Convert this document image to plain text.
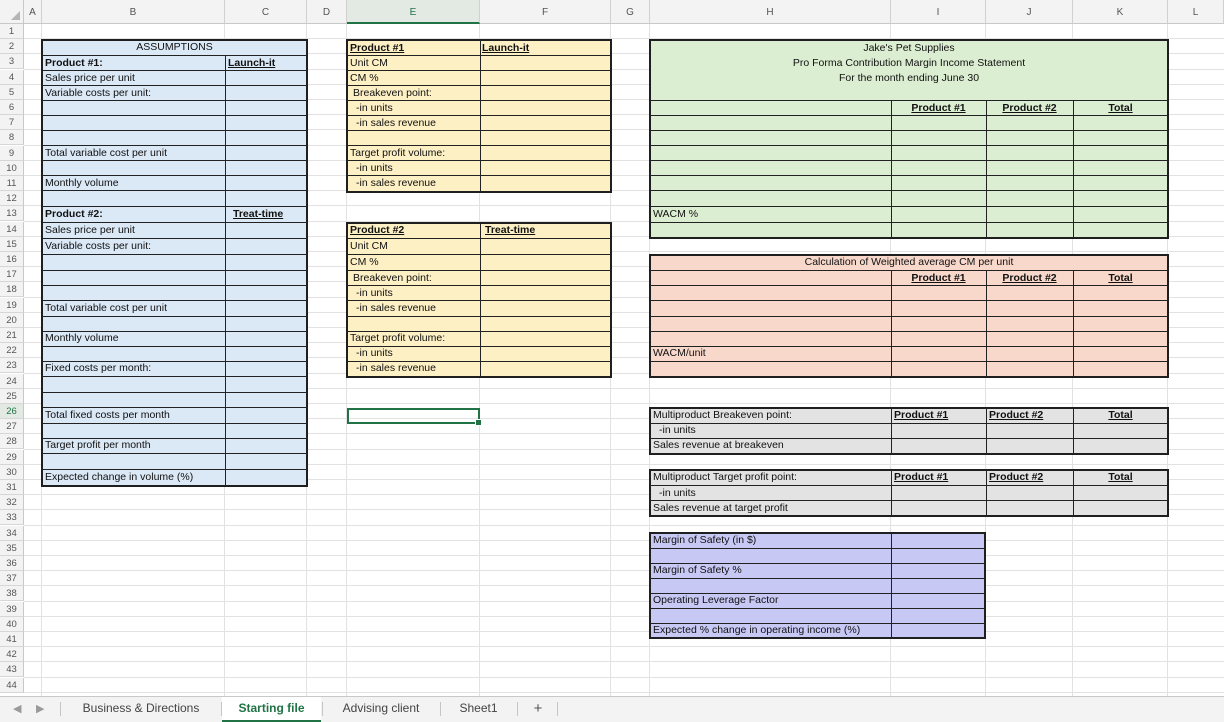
A	B	C	D	E	F	G	H	I	J	K	L
1
2
3
4
5
6
7
8
9
10
11
12
13
14
15
16
17
18
19
20
21
22
23
24
25
26
27
28
29
30
31
32
33
34
35
36
37
38
39
40
41
42
43
44
ASSUMPTIONS
Product #1:	Launch-it
Sales price per unit
Variable costs per unit:
Total variable cost per unit
Monthly volume
Product #2:	Treat-time
Sales price per unit
Variable costs per unit:
Total variable cost per unit
Monthly volume
Fixed costs per month:
Total fixed costs per month
Target profit per month
Expected change in volume (%)
Product #1	Launch-it
Unit CM
CM %
Breakeven point:
-in units
-in sales revenue
Target profit volume:
-in units
-in sales revenue
Product #2	Treat-time
Unit CM
CM %
Breakeven point:
-in units
-in sales revenue
Target profit volume:
-in units
-in sales revenue
Jake's Pet Supplies
Pro Forma Contribution Margin Income Statement
For the month ending June 30
Product #1	Product #2	Total
WACM %
Calculation of Weighted average CM per unit
Product #1	Product #2	Total
WACM/unit
Multiproduct Breakeven point:	Product #1	Product #2	Total
-in units
Sales revenue at breakeven
Multiproduct Target profit point:	Product #1	Product #2	Total
-in units
Sales revenue at target profit
Margin of Safety (in $)
Margin of Safety %
Operating Leverage Factor
Expected % change in operating income (%)
◀ ▶	Business & Directions	Starting file	Advising client	Sheet1	+
